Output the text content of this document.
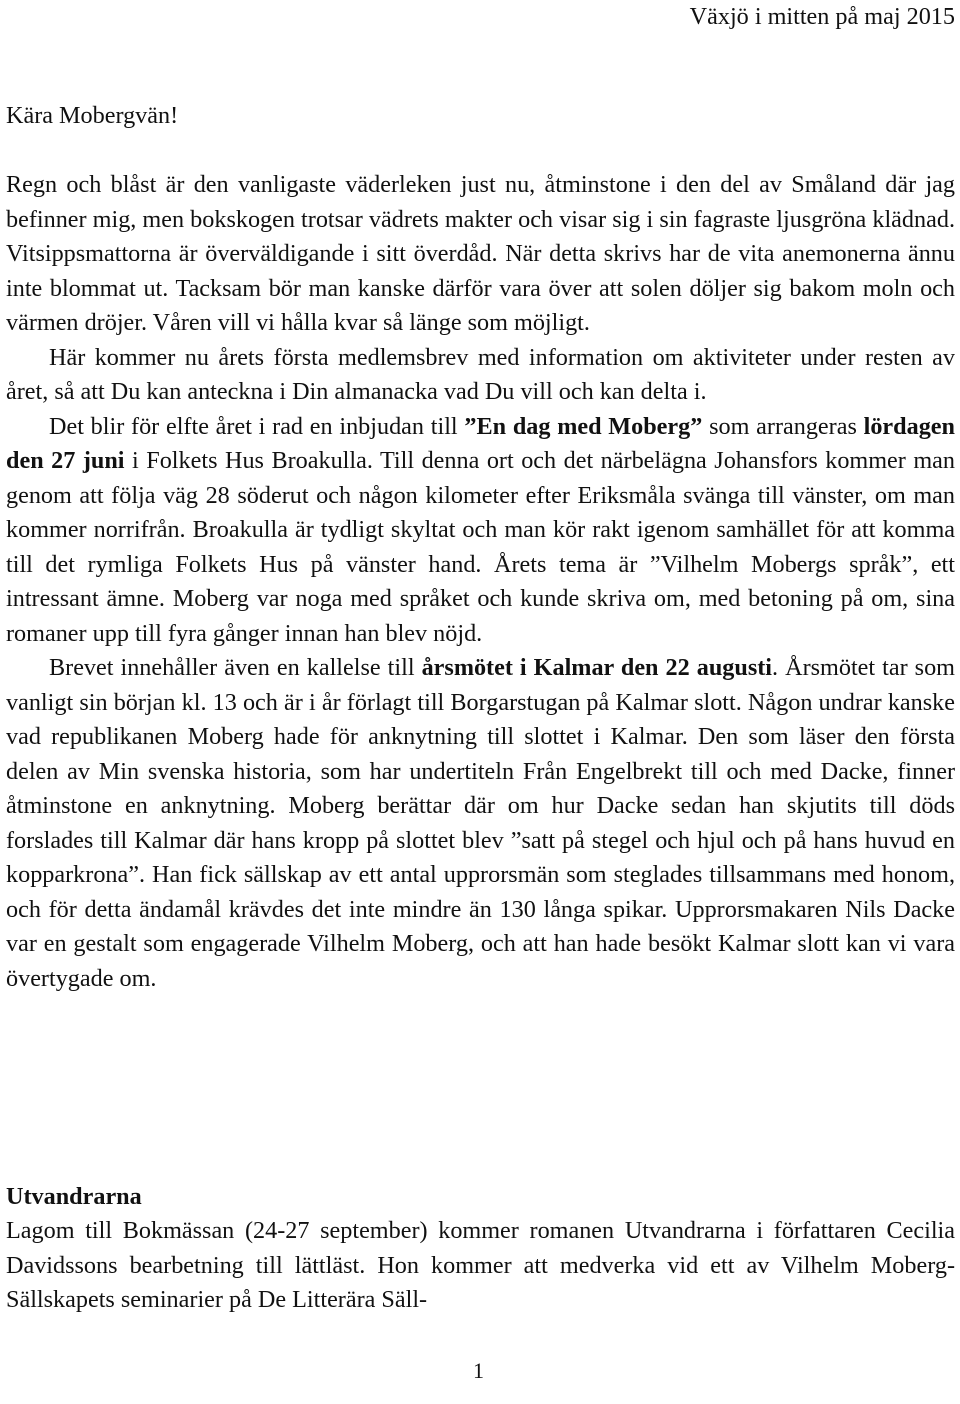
Växjö i mitten på maj 2015
Kära Mobergvän!

Regn och blåst är den vanligaste väderleken just nu, åtminstone i den del av Småland där jag befinner mig, men bokskogen trotsar vädrets makter och visar sig i sin fagraste ljusgröna klädnad. Vitsippsmattorna är överväldigande i sitt överdåd. När detta skrivs har de vita anemonerna ännu inte blommat ut. Tacksam bör man kanske därför vara över att solen döljer sig bakom moln och värmen dröjer. Våren vill vi hålla kvar så länge som möjligt.

Här kommer nu årets första medlemsbrev med information om aktiviteter under resten av året, så att Du kan anteckna i Din almanacka vad Du vill och kan delta i.

Det blir för elfte året i rad en inbjudan till ”En dag med Moberg” som arrangeras lördagen den 27 juni i Folkets Hus Broakulla. Till denna ort och det närbelägna Johansfors kommer man genom att följa väg 28 söderut och någon kilometer efter Eriksmåla svänga till vänster, om man kommer norrifrån. Broakulla är tydligt skyltat och man kör rakt igenom samhället för att komma till det rymliga Folkets Hus på vänster hand. Årets tema är ”Vilhelm Mobergs språk”, ett intressant ämne. Moberg var noga med språket och kunde skriva om, med betoning på om, sina romaner upp till fyra gånger innan han blev nöjd.

Brevet innehåller även en kallelse till årsmötet i Kalmar den 22 augusti. Årsmötet tar som vanligt sin början kl. 13 och är i år förlagt till Borgarstugan på Kalmar slott. Någon undrar kanske vad republikanen Moberg hade för anknytning till slottet i Kalmar. Den som läser den första delen av Min svenska historia, som har undertiteln Från Engelbrekt till och med Dacke, finner åtminstone en anknytning. Moberg berättar där om hur Dacke sedan han skjutits till döds forslades till Kalmar där hans kropp på slottet blev ”satt på stegel och hjul och på hans huvud en kopparkrona”. Han fick sällskap av ett antal upprorsmän som steglades tillsammans med honom, och för detta ändamål krävdes det inte mindre än 130 långa spikar. Upprorsmakaren Nils Dacke var en gestalt som engagerade Vilhelm Moberg, och att han hade besökt Kalmar slott kan vi vara övertygade om.

Utvandrarna

Lagom till Bokmässan (24-27 september) kommer romanen Utvandrarna i författaren Cecilia Davidssons bearbetning till lättläst. Hon kommer att medverka vid ett av Vilhelm Moberg-Sällskapets seminarier på De Litterära Säll-

1
